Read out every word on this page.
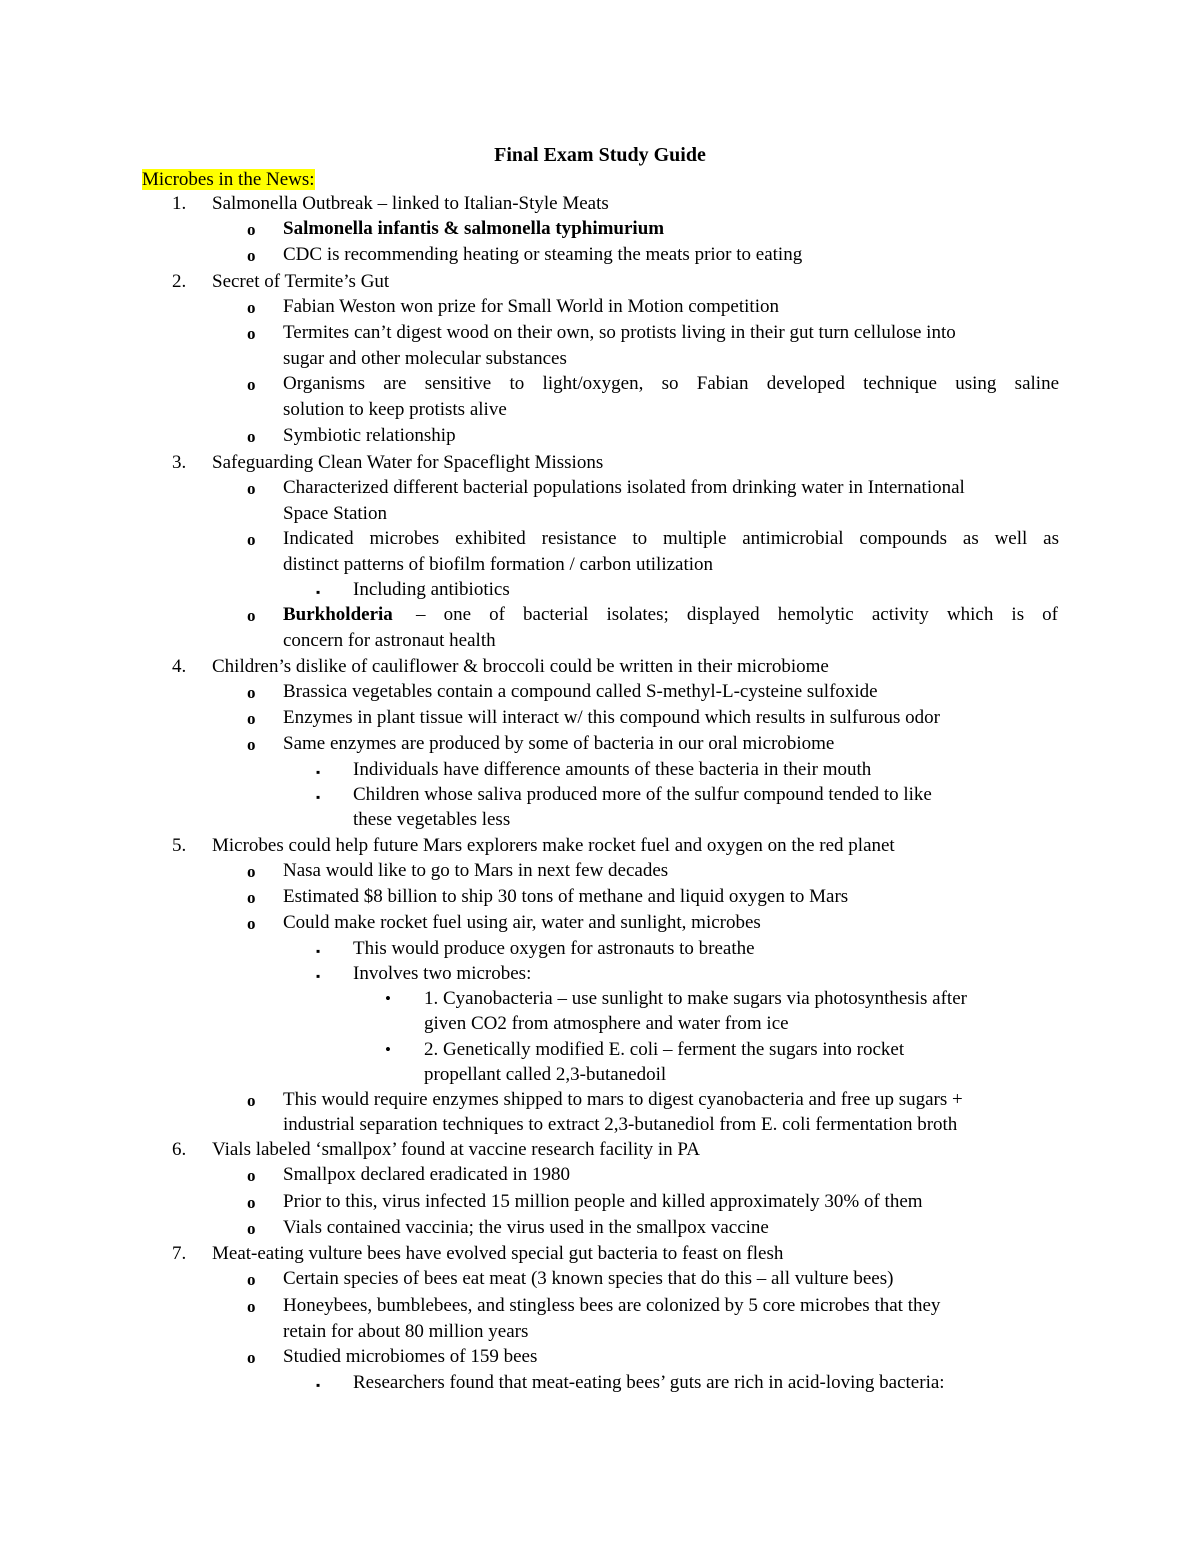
Final Exam Study Guide
Microbes in the News:
1. Salmonella Outbreak – linked to Italian-Style Meats
o Salmonella infantis & salmonella typhimurium
o CDC is recommending heating or steaming the meats prior to eating
2. Secret of Termite’s Gut
o Fabian Weston won prize for Small World in Motion competition
o Termites can’t digest wood on their own, so protists living in their gut turn cellulose into
sugar and other molecular substances
o Organisms are sensitive to light/oxygen, so Fabian developed technique using saline
solution to keep protists alive
o Symbiotic relationship
3. Safeguarding Clean Water for Spaceflight Missions
o Characterized different bacterial populations isolated from drinking water in International
Space Station
o Indicated microbes exhibited resistance to multiple antimicrobial compounds as well as
distinct patterns of biofilm formation / carbon utilization
▪ Including antibiotics
o Burkholderia – one of bacterial isolates; displayed hemolytic activity which is of
concern for astronaut health
4. Children’s dislike of cauliflower & broccoli could be written in their microbiome
o Brassica vegetables contain a compound called S-methyl-L-cysteine sulfoxide
o Enzymes in plant tissue will interact w/ this compound which results in sulfurous odor
o Same enzymes are produced by some of bacteria in our oral microbiome
▪ Individuals have difference amounts of these bacteria in their mouth
▪ Children whose saliva produced more of the sulfur compound tended to like
these vegetables less
5. Microbes could help future Mars explorers make rocket fuel and oxygen on the red planet
o Nasa would like to go to Mars in next few decades
o Estimated $8 billion to ship 30 tons of methane and liquid oxygen to Mars
o Could make rocket fuel using air, water and sunlight, microbes
▪ This would produce oxygen for astronauts to breathe
▪ Involves two microbes:
• 1. Cyanobacteria – use sunlight to make sugars via photosynthesis after
given CO2 from atmosphere and water from ice
• 2. Genetically modified E. coli – ferment the sugars into rocket
propellant called 2,3-butanedoil
o This would require enzymes shipped to mars to digest cyanobacteria and free up sugars +
industrial separation techniques to extract 2,3-butanediol from E. coli fermentation broth
6. Vials labeled ‘smallpox’ found at vaccine research facility in PA
o Smallpox declared eradicated in 1980
o Prior to this, virus infected 15 million people and killed approximately 30% of them
o Vials contained vaccinia; the virus used in the smallpox vaccine
7. Meat-eating vulture bees have evolved special gut bacteria to feast on flesh
o Certain species of bees eat meat (3 known species that do this – all vulture bees)
o Honeybees, bumblebees, and stingless bees are colonized by 5 core microbes that they
retain for about 80 million years
o Studied microbiomes of 159 bees
▪ Researchers found that meat-eating bees’ guts are rich in acid-loving bacteria:
